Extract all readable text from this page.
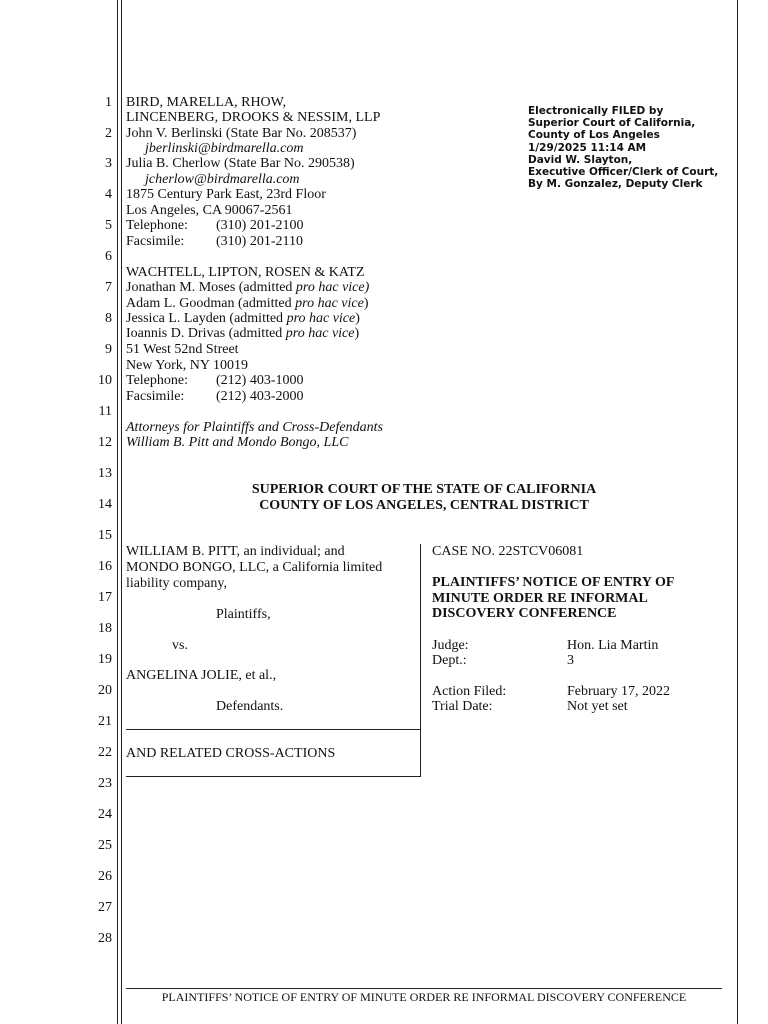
1
2
3
4
5
6
7
8
9
10
11
12
13
14
15
16
17
18
19
20
21
22
23
24
25
26
27
28
BIRD, MARELLA, RHOW,
LINCENBERG, DROOKS & NESSIM, LLP
John V. Berlinski (State Bar No. 208537)
jberlinski@birdmarella.com
Julia B. Cherlow (State Bar No. 290538)
jcherlow@birdmarella.com
1875 Century Park East, 23rd Floor
Los Angeles, CA 90067-2561
Telephone: (310) 201-2100
Facsimile: (310) 201-2110
WACHTELL, LIPTON, ROSEN & KATZ
Jonathan M. Moses (admitted pro hac vice)
Adam L. Goodman (admitted pro hac vice)
Jessica L. Layden (admitted pro hac vice)
Ioannis D. Drivas (admitted pro hac vice)
51 West 52nd Street
New York, NY 10019
Telephone: (212) 403-1000
Facsimile: (212) 403-2000
Attorneys for Plaintiffs and Cross-Defendants
William B. Pitt and Mondo Bongo, LLC
Electronically FILED by
Superior Court of California,
County of Los Angeles
1/29/2025 11:14 AM
David W. Slayton,
Executive Officer/Clerk of Court,
By M. Gonzalez, Deputy Clerk
SUPERIOR COURT OF THE STATE OF CALIFORNIA
COUNTY OF LOS ANGELES, CENTRAL DISTRICT
WILLIAM B. PITT, an individual; and
MONDO BONGO, LLC, a California limited
liability company,
Plaintiffs,
vs.
ANGELINA JOLIE, et al.,
Defendants.
AND RELATED CROSS-ACTIONS
CASE NO. 22STCV06081
PLAINTIFFS’ NOTICE OF ENTRY OF
MINUTE ORDER RE INFORMAL
DISCOVERY CONFERENCE
Judge:	Hon. Lia Martin
Dept.:	3
Action Filed:	February 17, 2022
Trial Date:	Not yet set
PLAINTIFFS’ NOTICE OF ENTRY OF MINUTE ORDER RE INFORMAL DISCOVERY CONFERENCE
